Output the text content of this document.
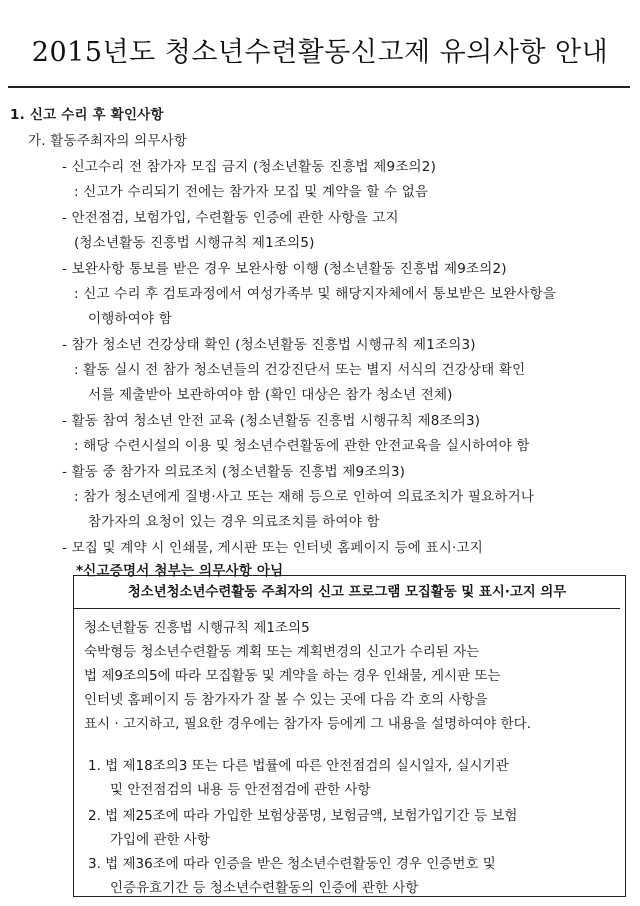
2015년도 청소년수련활동신고제 유의사항 안내
1. 신고 수리 후 확인사항
가. 활동주최자의 의무사항
- 신고수리 전 참가자 모집 금지 (청소년활동 진흥법 제9조의2)
: 신고가 수리되기 전에는 참가자 모집 및 계약을 할 수 없음
- 안전점검, 보험가입, 수련활동 인증에 관한 사항을 고지
(청소년활동 진흥법 시행규칙 제1조의5)
- 보완사항 통보를 받은 경우 보완사항 이행 (청소년활동 진흥법 제9조의2)
: 신고 수리 후 검토과정에서 여성가족부 및 해당지자체에서 통보받은 보완사항을
이행하여야 함
- 참가 청소년 건강상태 확인 (청소년활동 진흥법 시행규칙 제1조의3)
: 활동 실시 전 참가 청소년들의 건강진단서 또는 별지 서식의 건강상태 확인
서를 제출받아 보관하여야 함 (확인 대상은 참가 청소년 전체)
- 활동 참여 청소년 안전 교육 (청소년활동 진흥법 시행규칙 제8조의3)
: 해당 수련시설의 이용 및 청소년수련활동에 관한 안전교육을 실시하여야 함
- 활동 중 참가자 의료조치 (청소년활동 진흥법 제9조의3)
: 참가 청소년에게 질병·사고 또는 재해 등으로 인하여 의료조치가 필요하거나
참가자의 요청이 있는 경우 의료조치를 하여야 함
- 모집 및 계약 시 인쇄물, 게시판 또는 인터넷 홈페이지 등에 표시·고지
*신고증명서 첨부는 의무사항 아님
청소년청소년수련활동 주최자의 신고 프로그램 모집활동 및 표시·고지 의무
청소년활동 진흥법 시행규칙 제1조의5
숙박형등 청소년수련활동 계획 또는 계획변경의 신고가 수리된 자는
법 제9조의5에 따라 모집활동 및 계약을 하는 경우 인쇄물, 게시판 또는
인터넷 홈페이지 등 참가자가 잘 볼 수 있는 곳에 다음 각 호의 사항을
표시 · 고지하고, 필요한 경우에는 참가자 등에게 그 내용을 설명하여야 한다.
1. 법 제18조의3 또는 다른 법률에 따른 안전점검의 실시일자, 실시기관
및 안전점검의 내용 등 안전점검에 관한 사항
2. 법 제25조에 따라 가입한 보험상품명, 보험금액, 보험가입기간 등 보험
가입에 관한 사항
3. 법 제36조에 따라 인증을 받은 청소년수련활동인 경우 인증번호 및
인증유효기간 등 청소년수련활동의 인증에 관한 사항
